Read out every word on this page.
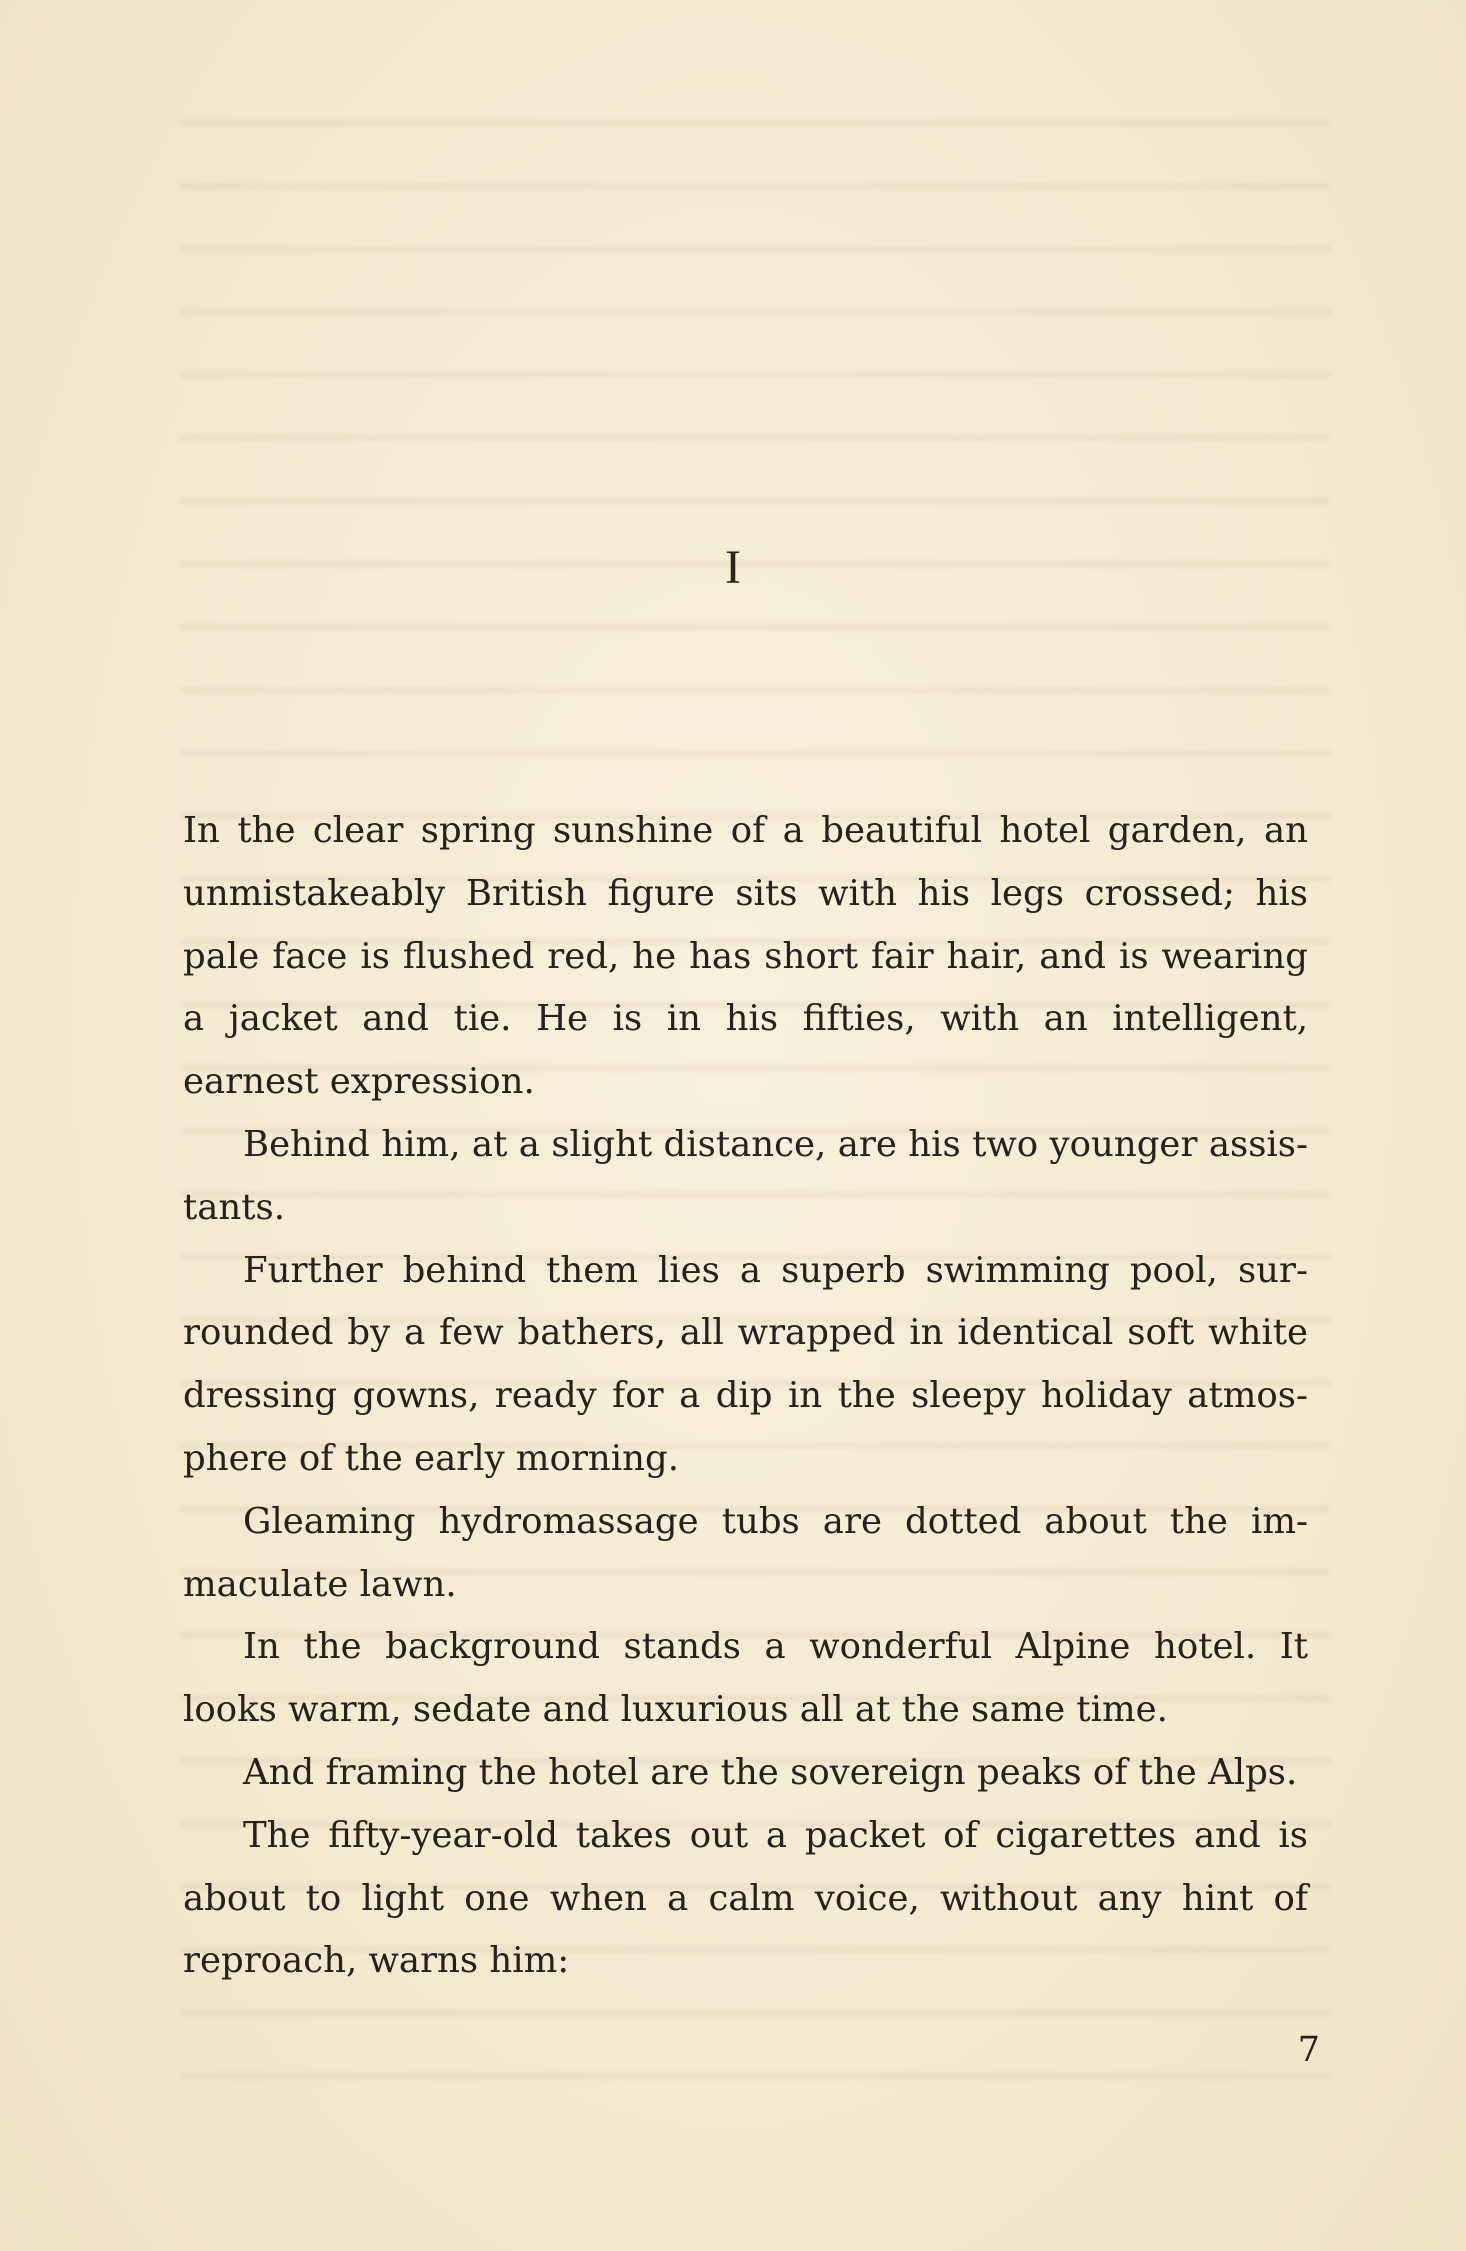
I

In the clear spring sunshine of a beautiful hotel garden, an unmistakeably British figure sits with his legs crossed; his pale face is flushed red, he has short fair hair, and is wearing a jacket and tie. He is in his fifties, with an intelligent, earnest expression.

Behind him, at a slight distance, are his two younger assistants.

Further behind them lies a superb swimming pool, surrounded by a few bathers, all wrapped in identical soft white dressing gowns, ready for a dip in the sleepy holiday atmosphere of the early morning.

Gleaming hydromassage tubs are dotted about the immaculate lawn.

In the background stands a wonderful Alpine hotel. It looks warm, sedate and luxurious all at the same time.

And framing the hotel are the sovereign peaks of the Alps.

The fifty-year-old takes out a packet of cigarettes and is about to light one when a calm voice, without any hint of reproach, warns him:

7
